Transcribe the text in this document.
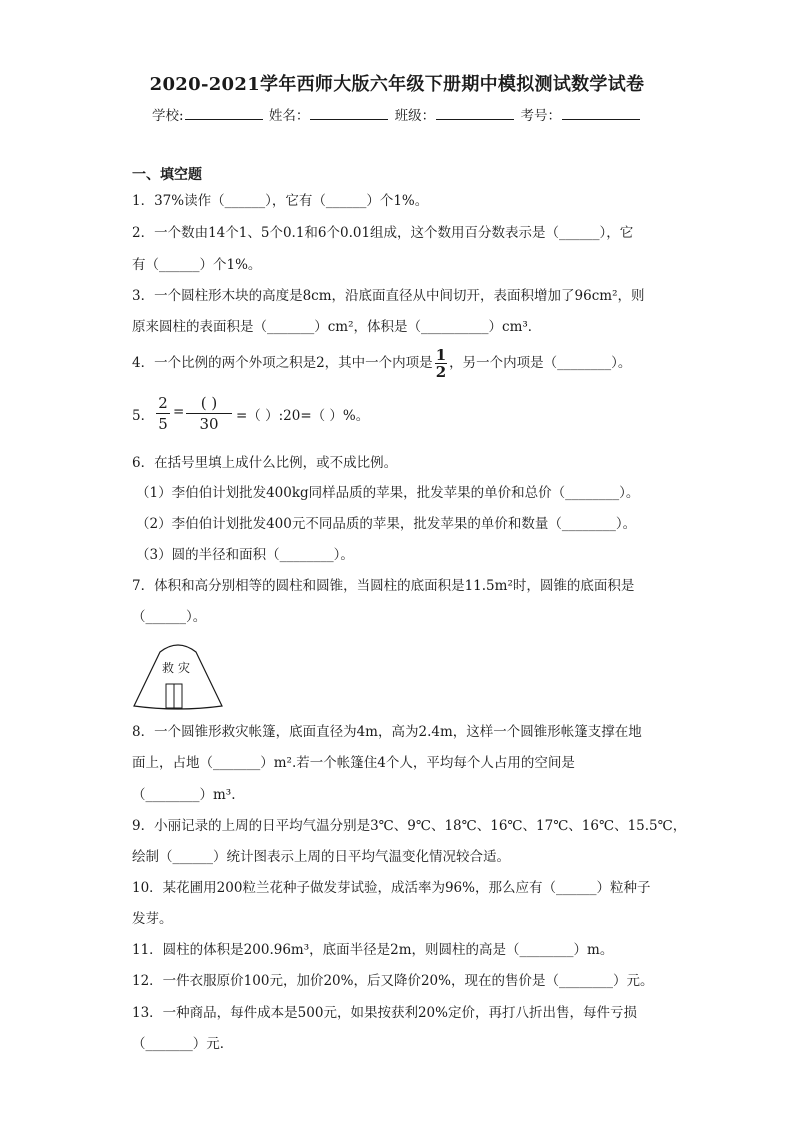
2020-2021学年西师大版六年级下册期中模拟测试数学试卷
学校:	姓名：	班级：	考号：
一、填空题
1．37%读作（______），它有（______）个1%。
2．一个数由14个1、5个0.1和6个0.01组成，这个数用百分数表示是（______），它
有（______）个1%。
3．一个圆柱形木块的高度是8cm，沿底面直径从中间切开，表面积增加了96cm²，则
原来圆柱的表面积是（_______）cm²，体积是（__________）cm³．
4．一个比例的两个外项之积是2，其中一个内项是 $\frac{1}{2}$ ，另一个内项是（________）。
5． $\frac{2}{5}$ =	( )
30	=（ ）:20=（ ）%。
6．在括号里填上成什么比例，或不成比例。
（1）李伯伯计划批发400kg同样品质的苹果，批发苹果的单价和总价（________）。
（2）李伯伯计划批发400元不同品质的苹果，批发苹果的单价和数量（________）。
（3）圆的半径和面积（________）。
7．体积和高分别相等的圆柱和圆锥，当圆柱的底面积是11.5m²时，圆锥的底面积是
（______）。
救灾
8．一个圆锥形救灾帐篷，底面直径为4m，高为2.4m，这样一个圆锥形帐篷支撑在地
面上，占地（_______）m².若一个帐篷住4个人，平均每个人占用的空间是
（________）m³.
9．小丽记录的上周的日平均气温分别是3℃、9℃、18℃、16℃、17℃、16℃、15.5℃，
绘制（______）统计图表示上周的日平均气温变化情况较合适。
10．某花圃用200粒兰花种子做发芽试验，成活率为96%，那么应有（______）粒种子
发芽。
11．圆柱的体积是200.96m³，底面半径是2m，则圆柱的高是（________）m。
12．一件衣服原价100元，加价20%，后又降价20%，现在的售价是（________）元。
13．一种商品，每件成本是500元，如果按获利20%定价，再打八折出售，每件亏损
（_______）元．
